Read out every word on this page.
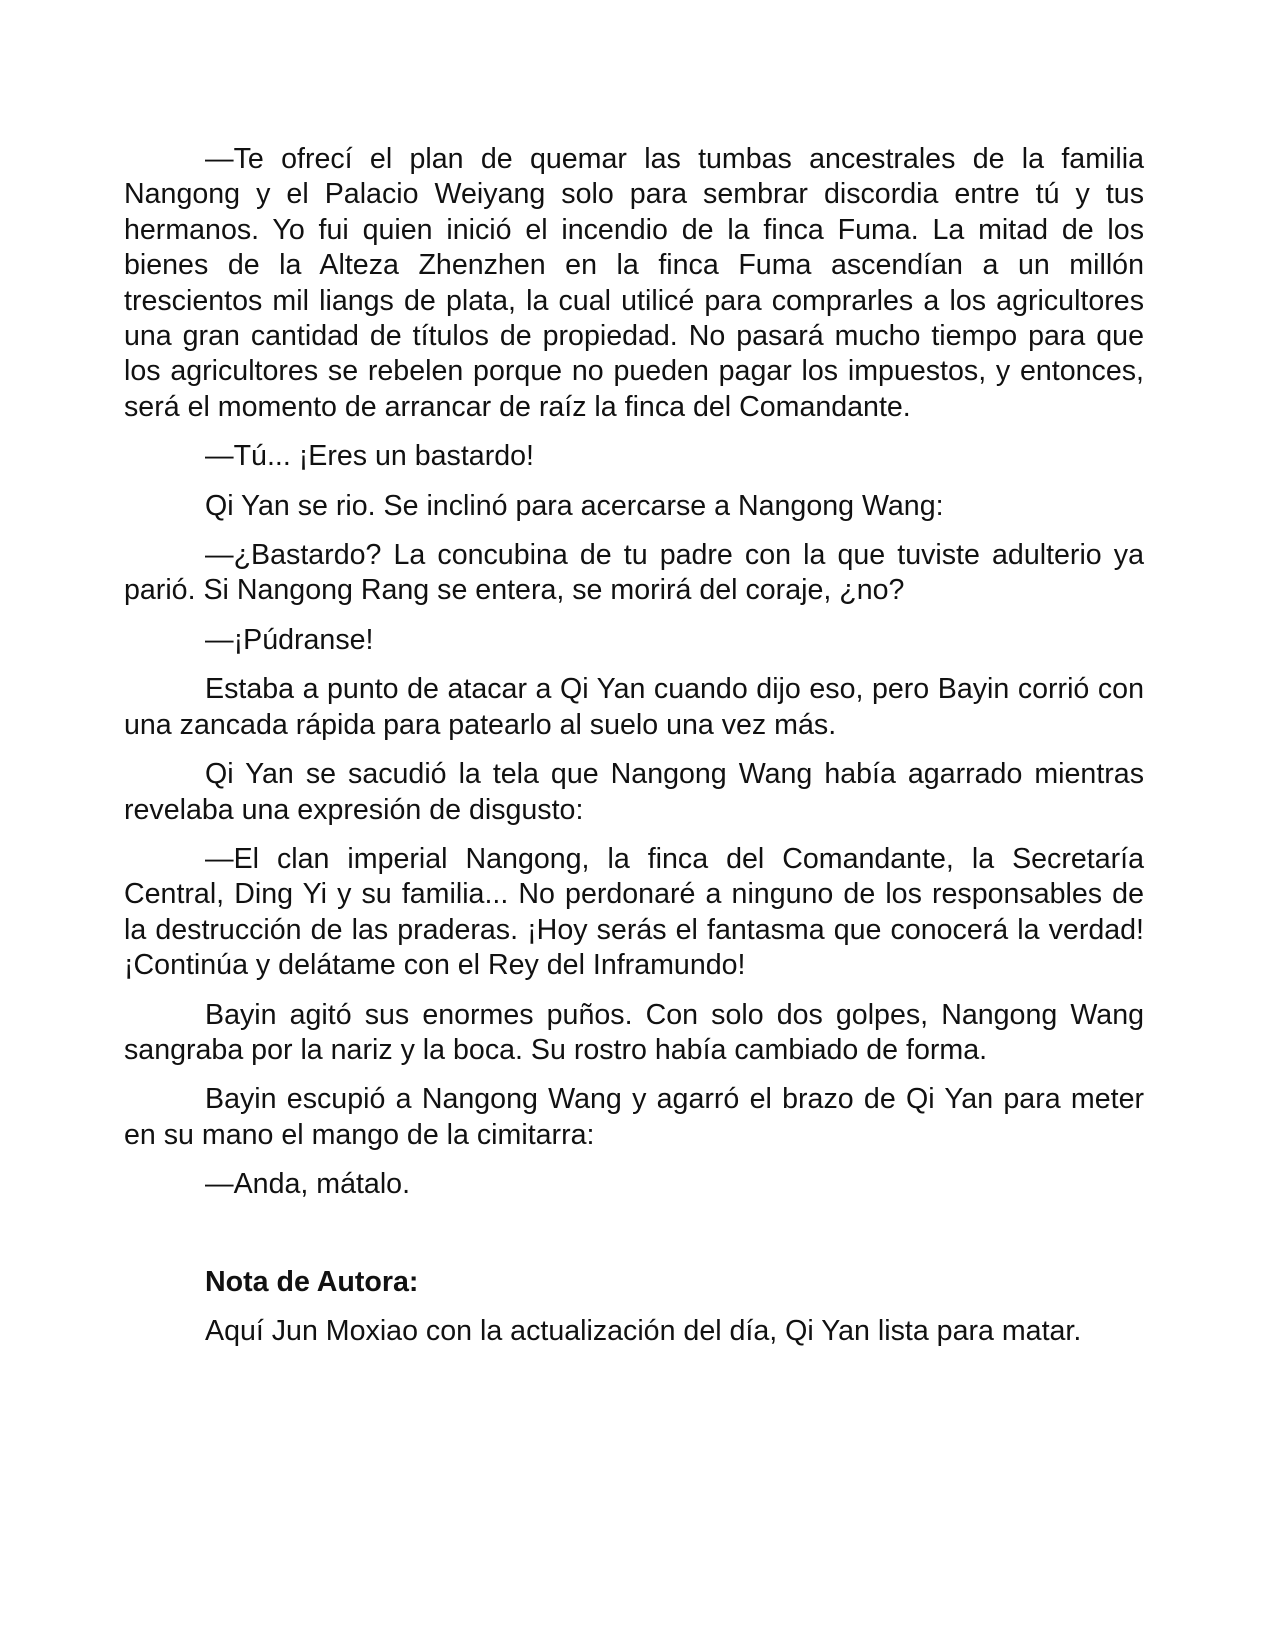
—Te ofrecí el plan de quemar las tumbas ancestrales de la familia Nangong y el Palacio Weiyang solo para sembrar discordia entre tú y tus hermanos. Yo fui quien inició el incendio de la finca Fuma. La mitad de los bienes de la Alteza Zhenzhen en la finca Fuma ascendían a un millón trescientos mil liangs de plata, la cual utilicé para comprarles a los agricultores una gran cantidad de títulos de propiedad. No pasará mucho tiempo para que los agricultores se rebelen porque no pueden pagar los impuestos, y entonces, será el momento de arrancar de raíz la finca del Comandante.

—Tú... ¡Eres un bastardo!

Qi Yan se rio. Se inclinó para acercarse a Nangong Wang:

—¿Bastardo? La concubina de tu padre con la que tuviste adulterio ya parió. Si Nangong Rang se entera, se morirá del coraje, ¿no?

—¡Púdranse!

Estaba a punto de atacar a Qi Yan cuando dijo eso, pero Bayin corrió con una zancada rápida para patearlo al suelo una vez más.

Qi Yan se sacudió la tela que Nangong Wang había agarrado mientras revelaba una expresión de disgusto:

—El clan imperial Nangong, la finca del Comandante, la Secretaría Central, Ding Yi y su familia... No perdonaré a ninguno de los responsables de la destrucción de las praderas. ¡Hoy serás el fantasma que conocerá la verdad! ¡Continúa y delátame con el Rey del Inframundo!

Bayin agitó sus enormes puños. Con solo dos golpes, Nangong Wang sangraba por la nariz y la boca. Su rostro había cambiado de forma.

Bayin escupió a Nangong Wang y agarró el brazo de Qi Yan para meter en su mano el mango de la cimitarra:

—Anda, mátalo.

Nota de Autora:

Aquí Jun Moxiao con la actualización del día, Qi Yan lista para matar.
